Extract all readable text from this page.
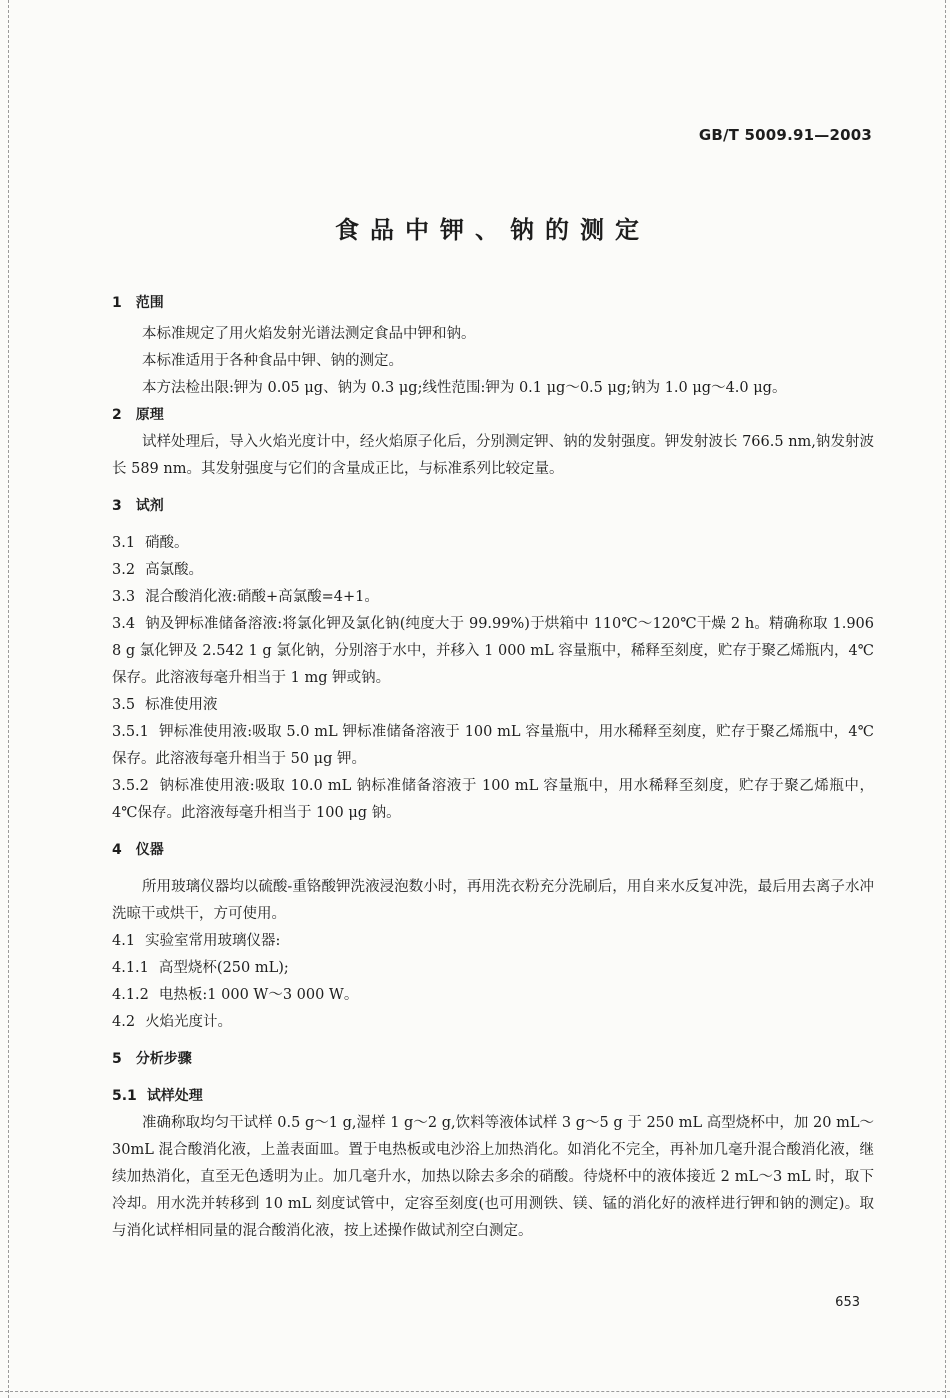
GB/T 5009.91—2003
食品中钾、钠的测定
1 范围
本标准规定了用火焰发射光谱法测定食品中钾和钠。
本标准适用于各种食品中钾、钠的测定。
本方法检出限:钾为 0.05 μg、钠为 0.3 μg;线性范围:钾为 0.1 μg～0.5 μg;钠为 1.0 μg～4.0 μg。
2 原理
试样处理后，导入火焰光度计中，经火焰原子化后，分别测定钾、钠的发射强度。钾发射波长 766.5 nm,钠发射波长 589 nm。其发射强度与它们的含量成正比，与标准系列比较定量。
3 试剂
3.1 硝酸。
3.2 高氯酸。
3.3 混合酸消化液:硝酸+高氯酸=4+1。
3.4 钠及钾标准储备溶液:将氯化钾及氯化钠(纯度大于 99.99%)于烘箱中 110℃～120℃干燥 2 h。精确称取 1.906 8 g 氯化钾及 2.542 1 g 氯化钠，分别溶于水中，并移入 1 000 mL 容量瓶中，稀释至刻度，贮存于聚乙烯瓶内，4℃保存。此溶液每毫升相当于 1 mg 钾或钠。
3.5 标准使用液
3.5.1 钾标准使用液:吸取 5.0 mL 钾标准储备溶液于 100 mL 容量瓶中，用水稀释至刻度，贮存于聚乙烯瓶中，4℃保存。此溶液每毫升相当于 50 μg 钾。
3.5.2 钠标准使用液:吸取 10.0 mL 钠标准储备溶液于 100 mL 容量瓶中，用水稀释至刻度，贮存于聚乙烯瓶中，4℃保存。此溶液每毫升相当于 100 μg 钠。
4 仪器
所用玻璃仪器均以硫酸-重铬酸钾洗液浸泡数小时，再用洗衣粉充分洗刷后，用自来水反复冲洗，最后用去离子水冲洗晾干或烘干，方可使用。
4.1 实验室常用玻璃仪器:
4.1.1 高型烧杯(250 mL);
4.1.2 电热板:1 000 W～3 000 W。
4.2 火焰光度计。
5 分析步骤
5.1 试样处理
准确称取均匀干试样 0.5 g～1 g,湿样 1 g～2 g,饮料等液体试样 3 g～5 g 于 250 mL 高型烧杯中，加 20 mL～30mL 混合酸消化液，上盖表面皿。置于电热板或电沙浴上加热消化。如消化不完全，再补加几毫升混合酸消化液，继续加热消化，直至无色透明为止。加几毫升水，加热以除去多余的硝酸。待烧杯中的液体接近 2 mL～3 mL 时，取下冷却。用水洗并转移到 10 mL 刻度试管中，定容至刻度(也可用测铁、镁、锰的消化好的液样进行钾和钠的测定)。取与消化试样相同量的混合酸消化液，按上述操作做试剂空白测定。
653
